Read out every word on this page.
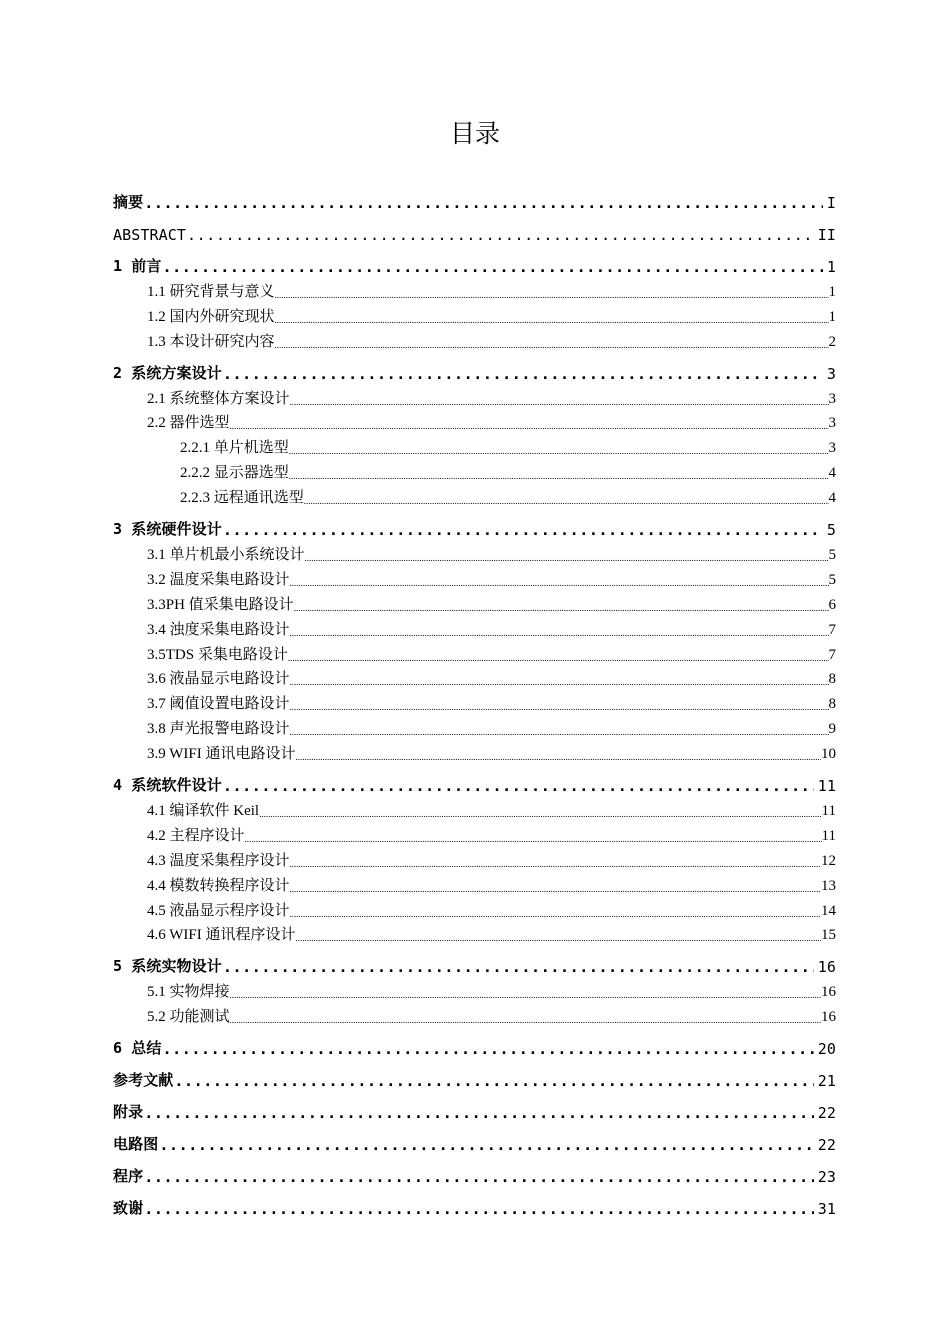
目录
摘要 .....	I
ABSTRACT .....	II
1 前言 .....	1
1.1 研究背景与意义 .....	1
1.2 国内外研究现状 .....	1
1.3 本设计研究内容 .....	2
2 系统方案设计 .....	3
2.1 系统整体方案设计 .....	3
2.2 器件选型 .....	3
2.2.1 单片机选型 .....	3
2.2.2 显示器选型 .....	4
2.2.3 远程通讯选型 .....	4
3 系统硬件设计 .....	5
3.1 单片机最小系统设计 .....	5
3.2 温度采集电路设计 .....	5
3.3PH 值采集电路设计 .....	6
3.4 浊度采集电路设计 .....	7
3.5TDS 采集电路设计 .....	7
3.6 液晶显示电路设计 .....	8
3.7 阈值设置电路设计 .....	8
3.8 声光报警电路设计 .....	9
3.9 WIFI 通讯电路设计 .....	10
4 系统软件设计 .....	11
4.1 编译软件 Keil .....	11
4.2 主程序设计 .....	11
4.3 温度采集程序设计 .....	12
4.4 模数转换程序设计 .....	13
4.5 液晶显示程序设计 .....	14
4.6 WIFI 通讯程序设计 .....	15
5 系统实物设计 .....	16
5.1 实物焊接 .....	16
5.2 功能测试 .....	16
6 总结 .....	20
参考文献 .....	21
附录 .....	22
电路图 .....	22
程序 .....	23
致谢 .....	31
